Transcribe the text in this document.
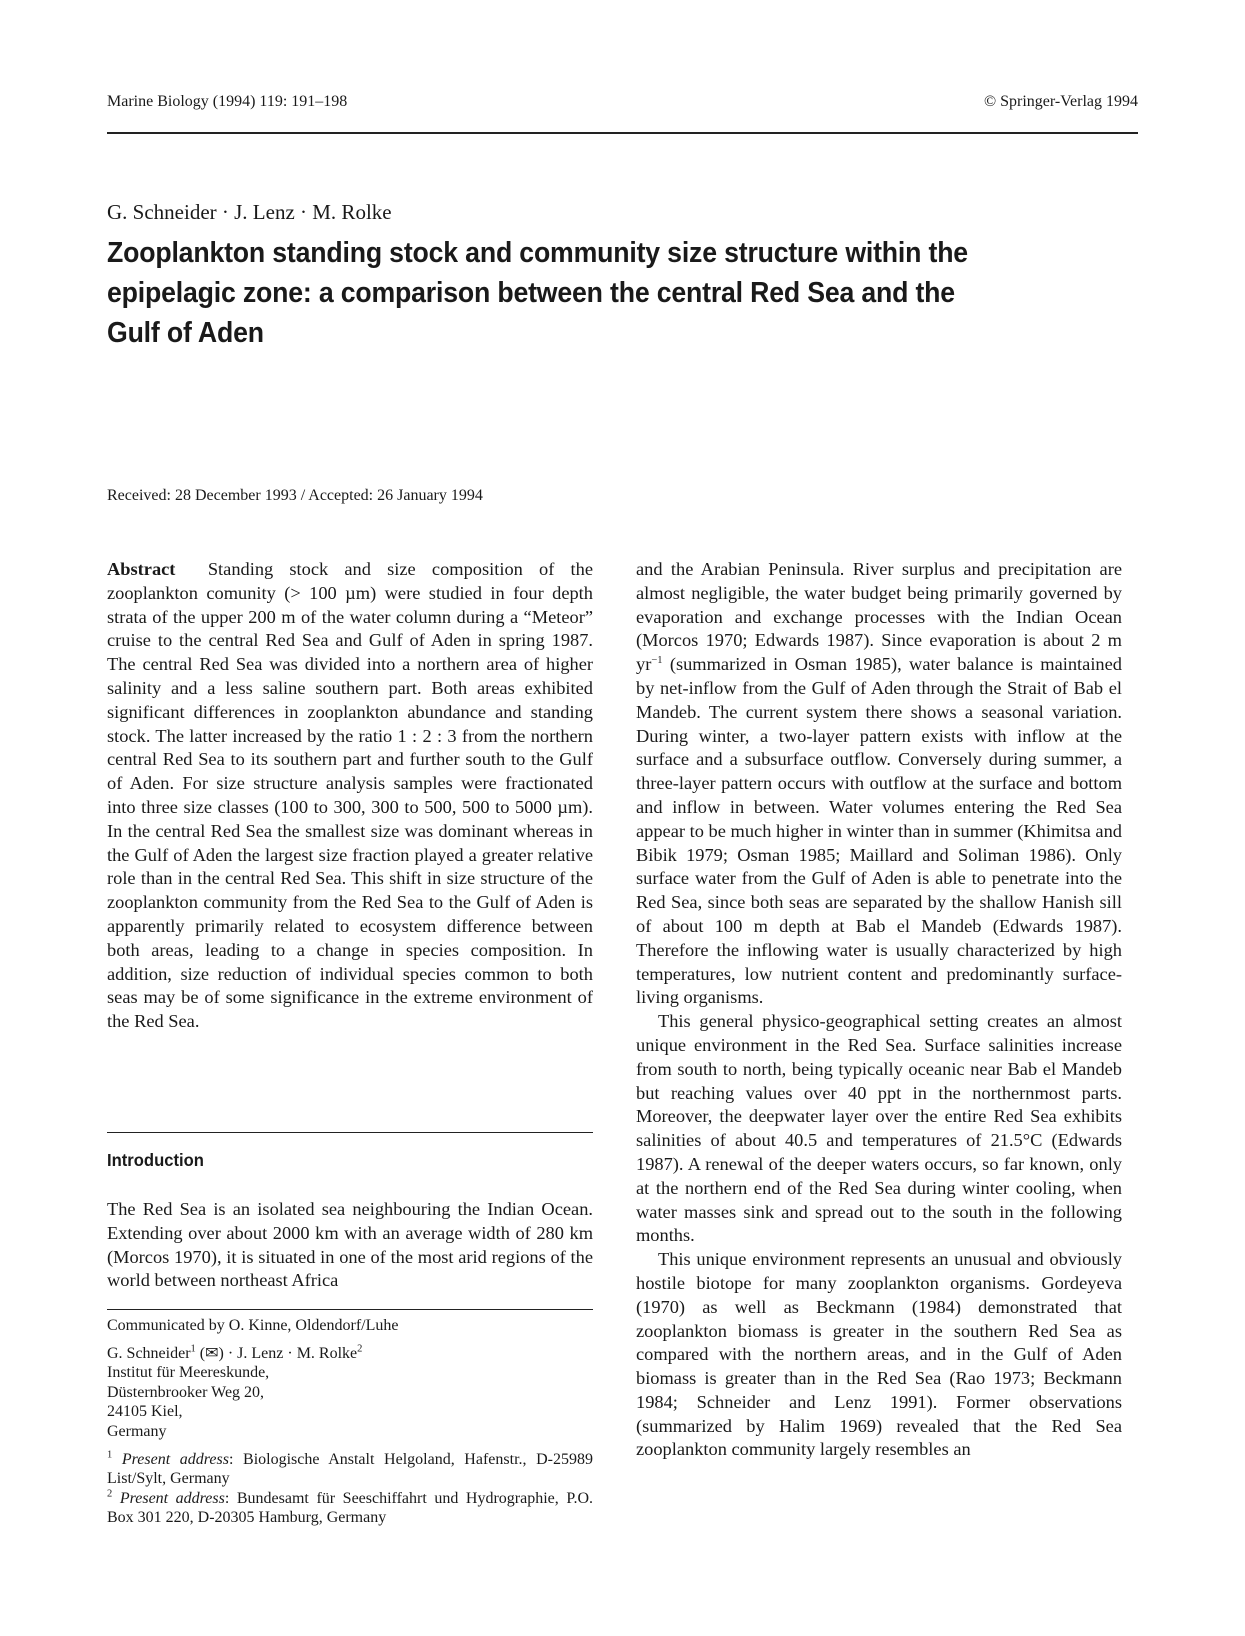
Marine Biology (1994) 119: 191–198	© Springer-Verlag 1994
G. Schneider · J. Lenz · M. Rolke
Zooplankton standing stock and community size structure within the epipelagic zone: a comparison between the central Red Sea and the Gulf of Aden
Received: 28 December 1993 / Accepted: 26 January 1994

Abstract Standing stock and size composition of the zooplankton comunity (> 100 µm) were studied in four depth strata of the upper 200 m of the water column during a “Meteor” cruise to the central Red Sea and Gulf of Aden in spring 1987. The central Red Sea was divided into a northern area of higher salinity and a less saline southern part. Both areas exhibited significant differences in zooplankton abundance and standing stock. The latter increased by the ratio 1 : 2 : 3 from the northern central Red Sea to its southern part and further south to the Gulf of Aden. For size structure analysis samples were fractionated into three size classes (100 to 300, 300 to 500, 500 to 5000 µm). In the central Red Sea the smallest size was dominant whereas in the Gulf of Aden the largest size fraction played a greater relative role than in the central Red Sea. This shift in size structure of the zooplankton community from the Red Sea to the Gulf of Aden is apparently primarily related to ecosystem difference between both areas, leading to a change in species composition. In addition, size reduction of individual species common to both seas may be of some significance in the extreme environment of the Red Sea.

Introduction

The Red Sea is an isolated sea neighbouring the Indian Ocean. Extending over about 2000 km with an average width of 280 km (Morcos 1970), it is situated in one of the most arid regions of the world between northeast Africa

Communicated by O. Kinne, Oldendorf/Luhe
G. Schneider$^1$ (✉) · J. Lenz · M. Rolke$^2$
Institut für Meereskunde,
Düsternbrooker Weg 20,
24105 Kiel,
Germany
$^1$ Present address: Biologische Anstalt Helgoland, Hafenstr., D-25989 List/Sylt, Germany
$^2$ Present address: Bundesamt für Seeschiffahrt und Hydrographie, P.O. Box 301 220, D-20305 Hamburg, Germany

and the Arabian Peninsula. River surplus and precipitation are almost negligible, the water budget being primarily governed by evaporation and exchange processes with the Indian Ocean (Morcos 1970; Edwards 1987). Since evaporation is about 2 m $yr^{-1}$ (summarized in Osman 1985), water balance is maintained by net-inflow from the Gulf of Aden through the Strait of Bab el Mandeb. The current system there shows a seasonal variation. During winter, a two-layer pattern exists with inflow at the surface and a subsurface outflow. Conversely during summer, a three-layer pattern occurs with outflow at the surface and bottom and inflow in between. Water volumes entering the Red Sea appear to be much higher in winter than in summer (Khimitsa and Bibik 1979; Osman 1985; Maillard and Soliman 1986). Only surface water from the Gulf of Aden is able to penetrate into the Red Sea, since both seas are separated by the shallow Hanish sill of about 100 m depth at Bab el Mandeb (Edwards 1987). Therefore the inflowing water is usually characterized by high temperatures, low nutrient content and predominantly surface-living organisms.

This general physico-geographical setting creates an almost unique environment in the Red Sea. Surface salinities increase from south to north, being typically oceanic near Bab el Mandeb but reaching values over 40 ppt in the northernmost parts. Moreover, the deepwater layer over the entire Red Sea exhibits salinities of about 40.5 and temperatures of 21.5°C (Edwards 1987). A renewal of the deeper waters occurs, so far known, only at the northern end of the Red Sea during winter cooling, when water masses sink and spread out to the south in the following months.

This unique environment represents an unusual and obviously hostile biotope for many zooplankton organisms. Gordeyeva (1970) as well as Beckmann (1984) demonstrated that zooplankton biomass is greater in the southern Red Sea as compared with the northern areas, and in the Gulf of Aden biomass is greater than in the Red Sea (Rao 1973; Beckmann 1984; Schneider and Lenz 1991). Former observations (summarized by Halim 1969) revealed that the Red Sea zooplankton community largely resembles an
